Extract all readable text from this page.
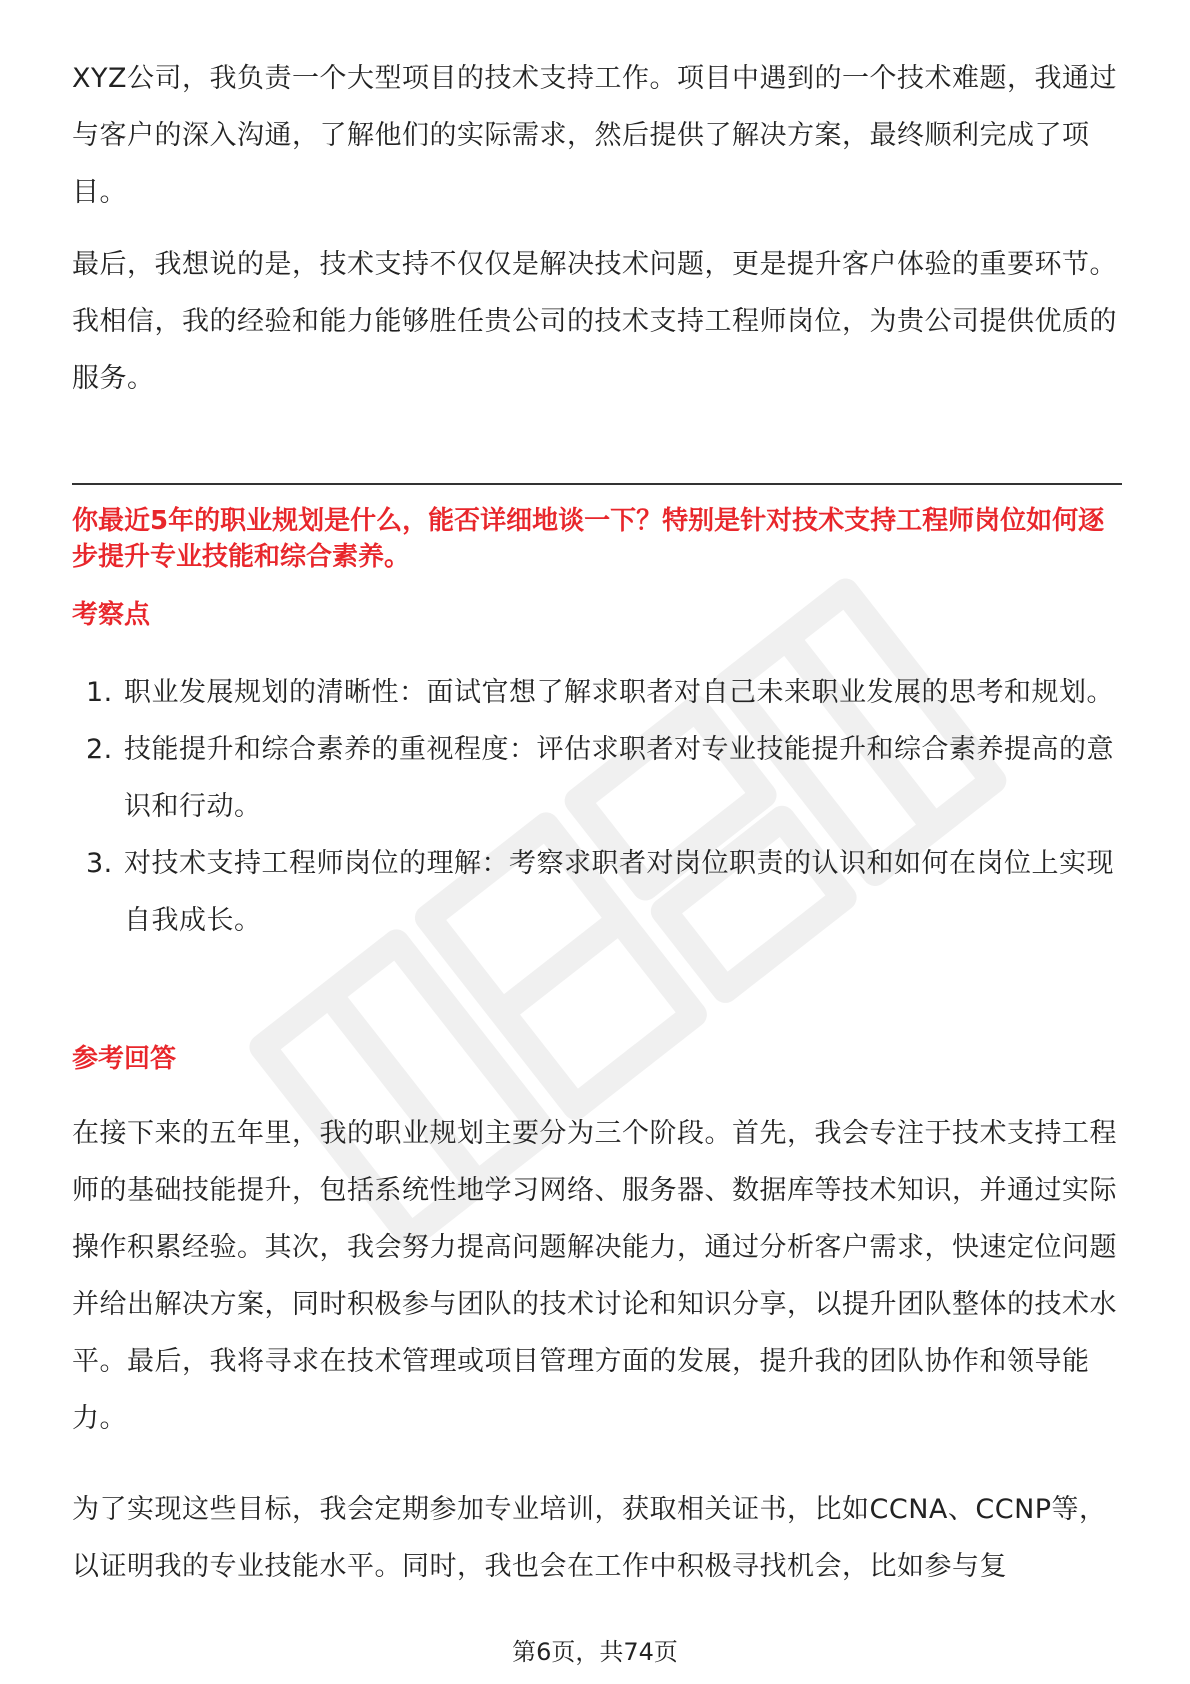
XYZ公司，我负责一个大型项目的技术支持工作。项目中遇到的一个技术难题，我通过与客户的深入沟通，了解他们的实际需求，然后提供了解决方案，最终顺利完成了项目。

最后，我想说的是，技术支持不仅仅是解决技术问题，更是提升客户体验的重要环节。我相信，我的经验和能力能够胜任贵公司的技术支持工程师岗位，为贵公司提供优质的服务。

你最近5年的职业规划是什么，能否详细地谈一下？特别是针对技术支持工程师岗位如何逐步提升专业技能和综合素养。

考察点

1. 职业发展规划的清晰性：面试官想了解求职者对自己未来职业发展的思考和规划。
2. 技能提升和综合素养的重视程度：评估求职者对专业技能提升和综合素养提高的意识和行动。
3. 对技术支持工程师岗位的理解：考察求职者对岗位职责的认识和如何在岗位上实现自我成长。

参考回答

在接下来的五年里，我的职业规划主要分为三个阶段。首先，我会专注于技术支持工程师的基础技能提升，包括系统性地学习网络、服务器、数据库等技术知识，并通过实际操作积累经验。其次，我会努力提高问题解决能力，通过分析客户需求，快速定位问题并给出解决方案，同时积极参与团队的技术讨论和知识分享，以提升团队整体的技术水平。最后，我将寻求在技术管理或项目管理方面的发展，提升我的团队协作和领导能力。

为了实现这些目标，我会定期参加专业培训，获取相关证书，比如CCNA、CCNP等，以证明我的专业技能水平。同时，我也会在工作中积极寻找机会，比如参与复

第6页，共74页
